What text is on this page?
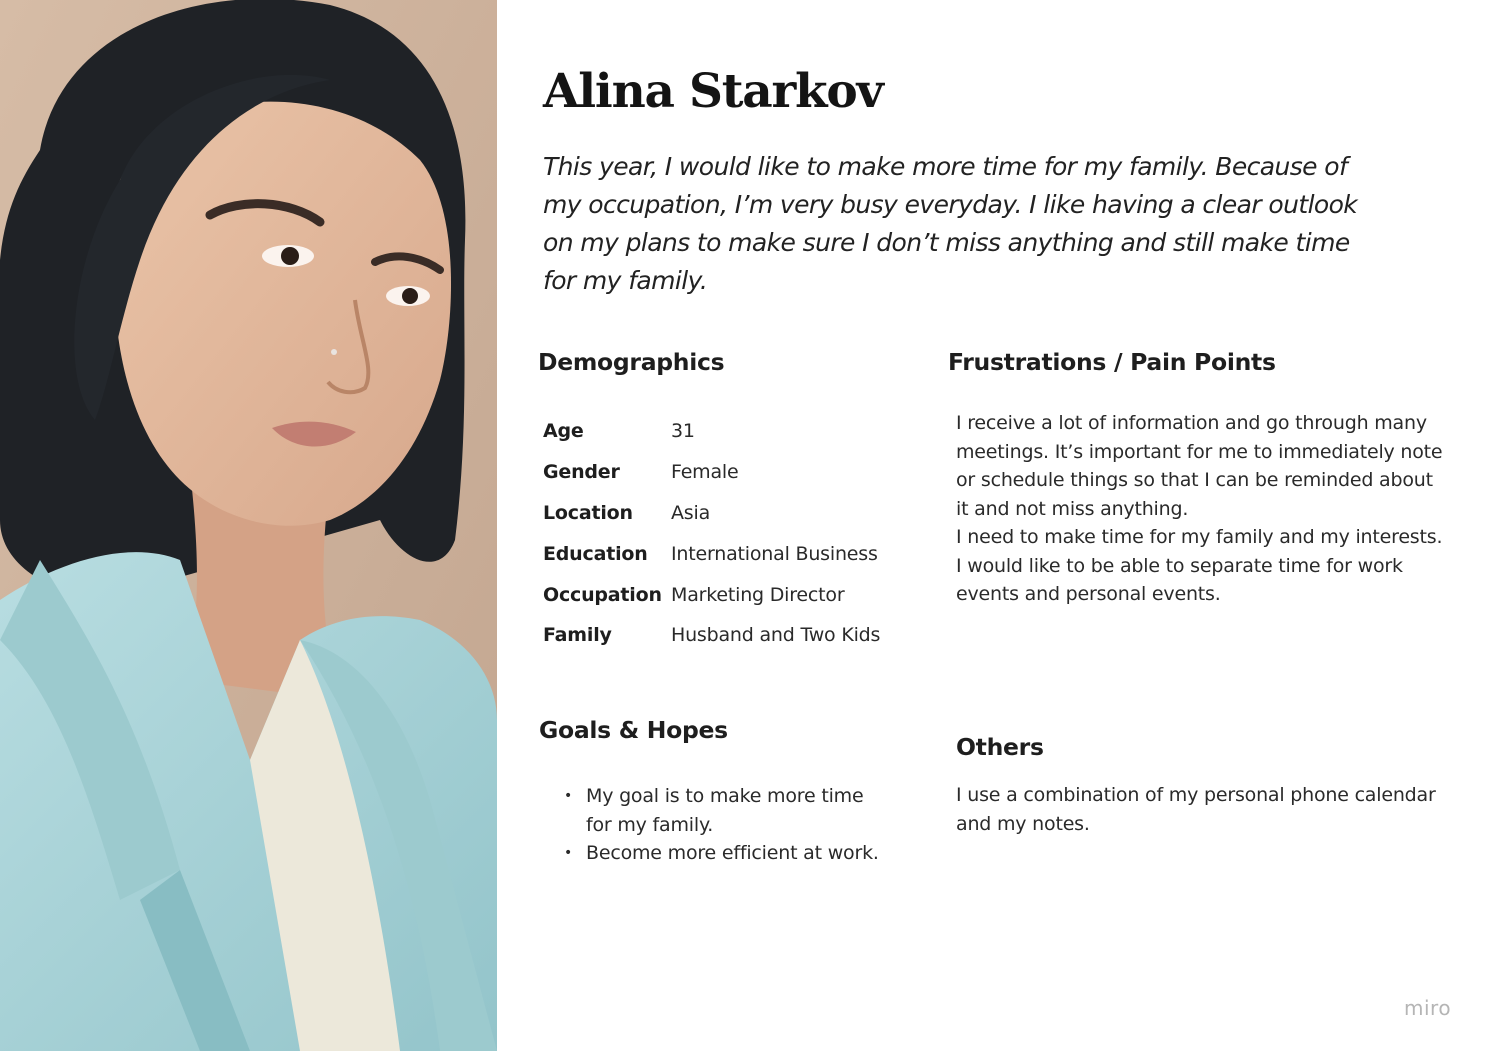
Alina Starkov

This year, I would like to make more time for my family. Because of my occupation, I’m very busy everyday. I like having a clear outlook on my plans to make sure I don’t miss anything and still make time for my family.

Demographics
Age	31
Gender	Female
Location	Asia
Education	International Business
Occupation Marketing Director
Family	Husband and Two Kids
Frustrations / Pain Points

I receive a lot of information and go through many meetings. It’s important for me to immediately note or schedule things so that I can be reminded about it and not miss anything.

I need to make time for my family and my interests. I would like to be able to separate time for work events and personal events.

Goals & Hopes
• My goal is to make more time for my family.
• Become more efficient at work.
Others

I use a combination of my personal phone calendar and my notes.

miro
